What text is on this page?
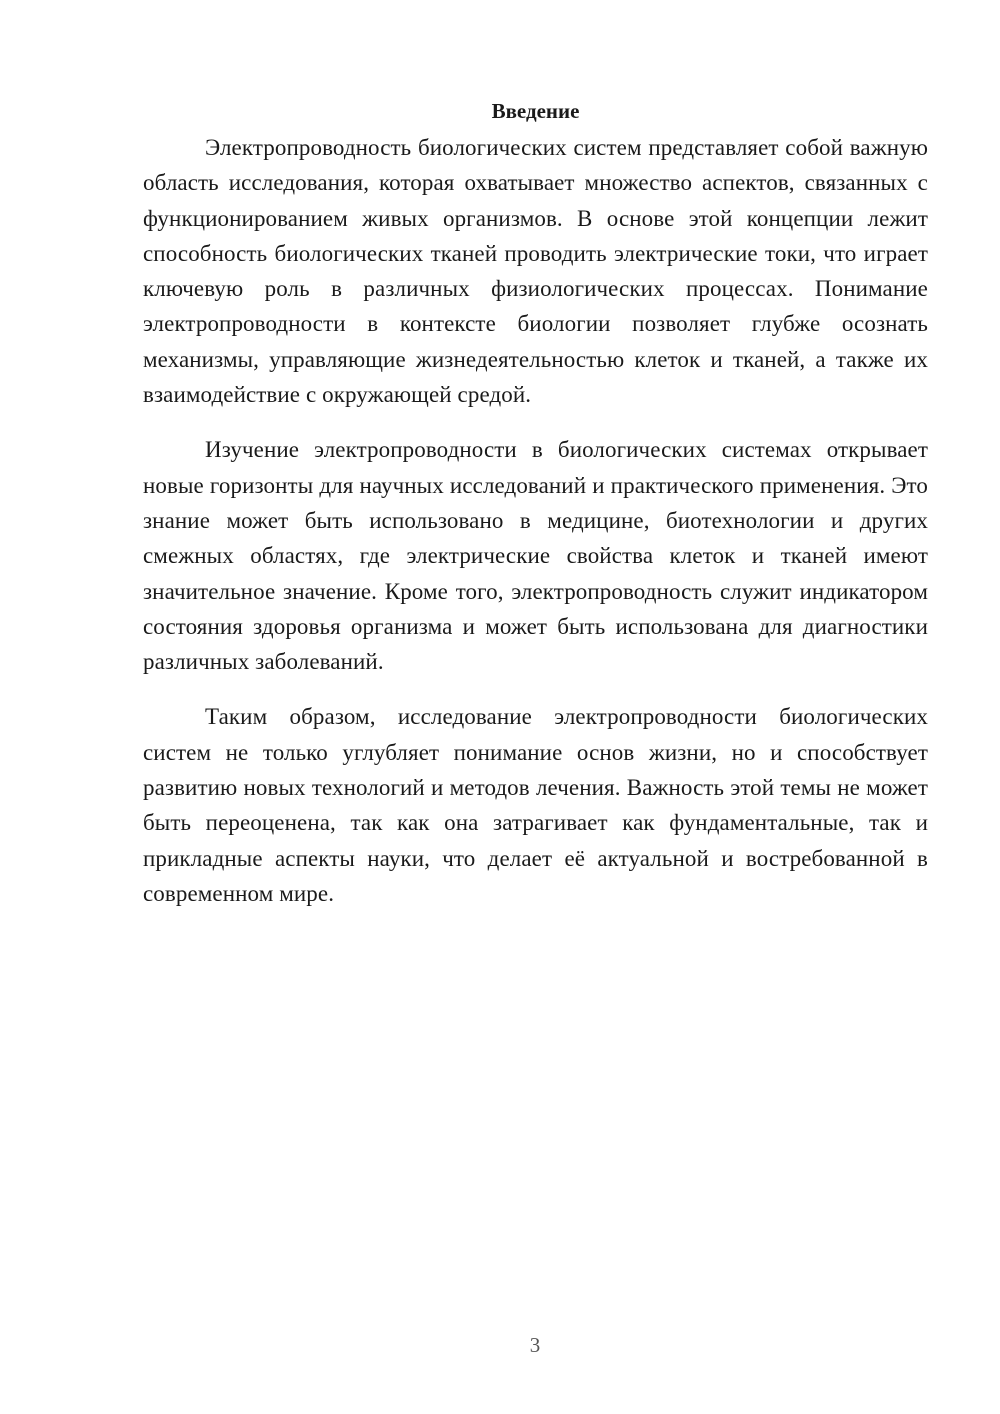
Введение

Электропроводность биологических систем представляет собой важную область исследования, которая охватывает множество аспектов, связанных с функционированием живых организмов. В основе этой концепции лежит способность биологических тканей проводить электрические токи, что играет ключевую роль в различных физиологических процессах. Понимание электропроводности в контексте биологии позволяет глубже осознать механизмы, управляющие жизнедеятельностью клеток и тканей, а также их взаимодействие с окружающей средой.

Изучение электропроводности в биологических системах открывает новые горизонты для научных исследований и практического применения. Это знание может быть использовано в медицине, биотехнологии и других смежных областях, где электрические свойства клеток и тканей имеют значительное значение. Кроме того, электропроводность служит индикатором состояния здоровья организма и может быть использована для диагностики различных заболеваний.

Таким образом, исследование электропроводности биологических систем не только углубляет понимание основ жизни, но и способствует развитию новых технологий и методов лечения. Важность этой темы не может быть переоценена, так как она затрагивает как фундаментальные, так и прикладные аспекты науки, что делает её актуальной и востребованной в современном мире.

3
